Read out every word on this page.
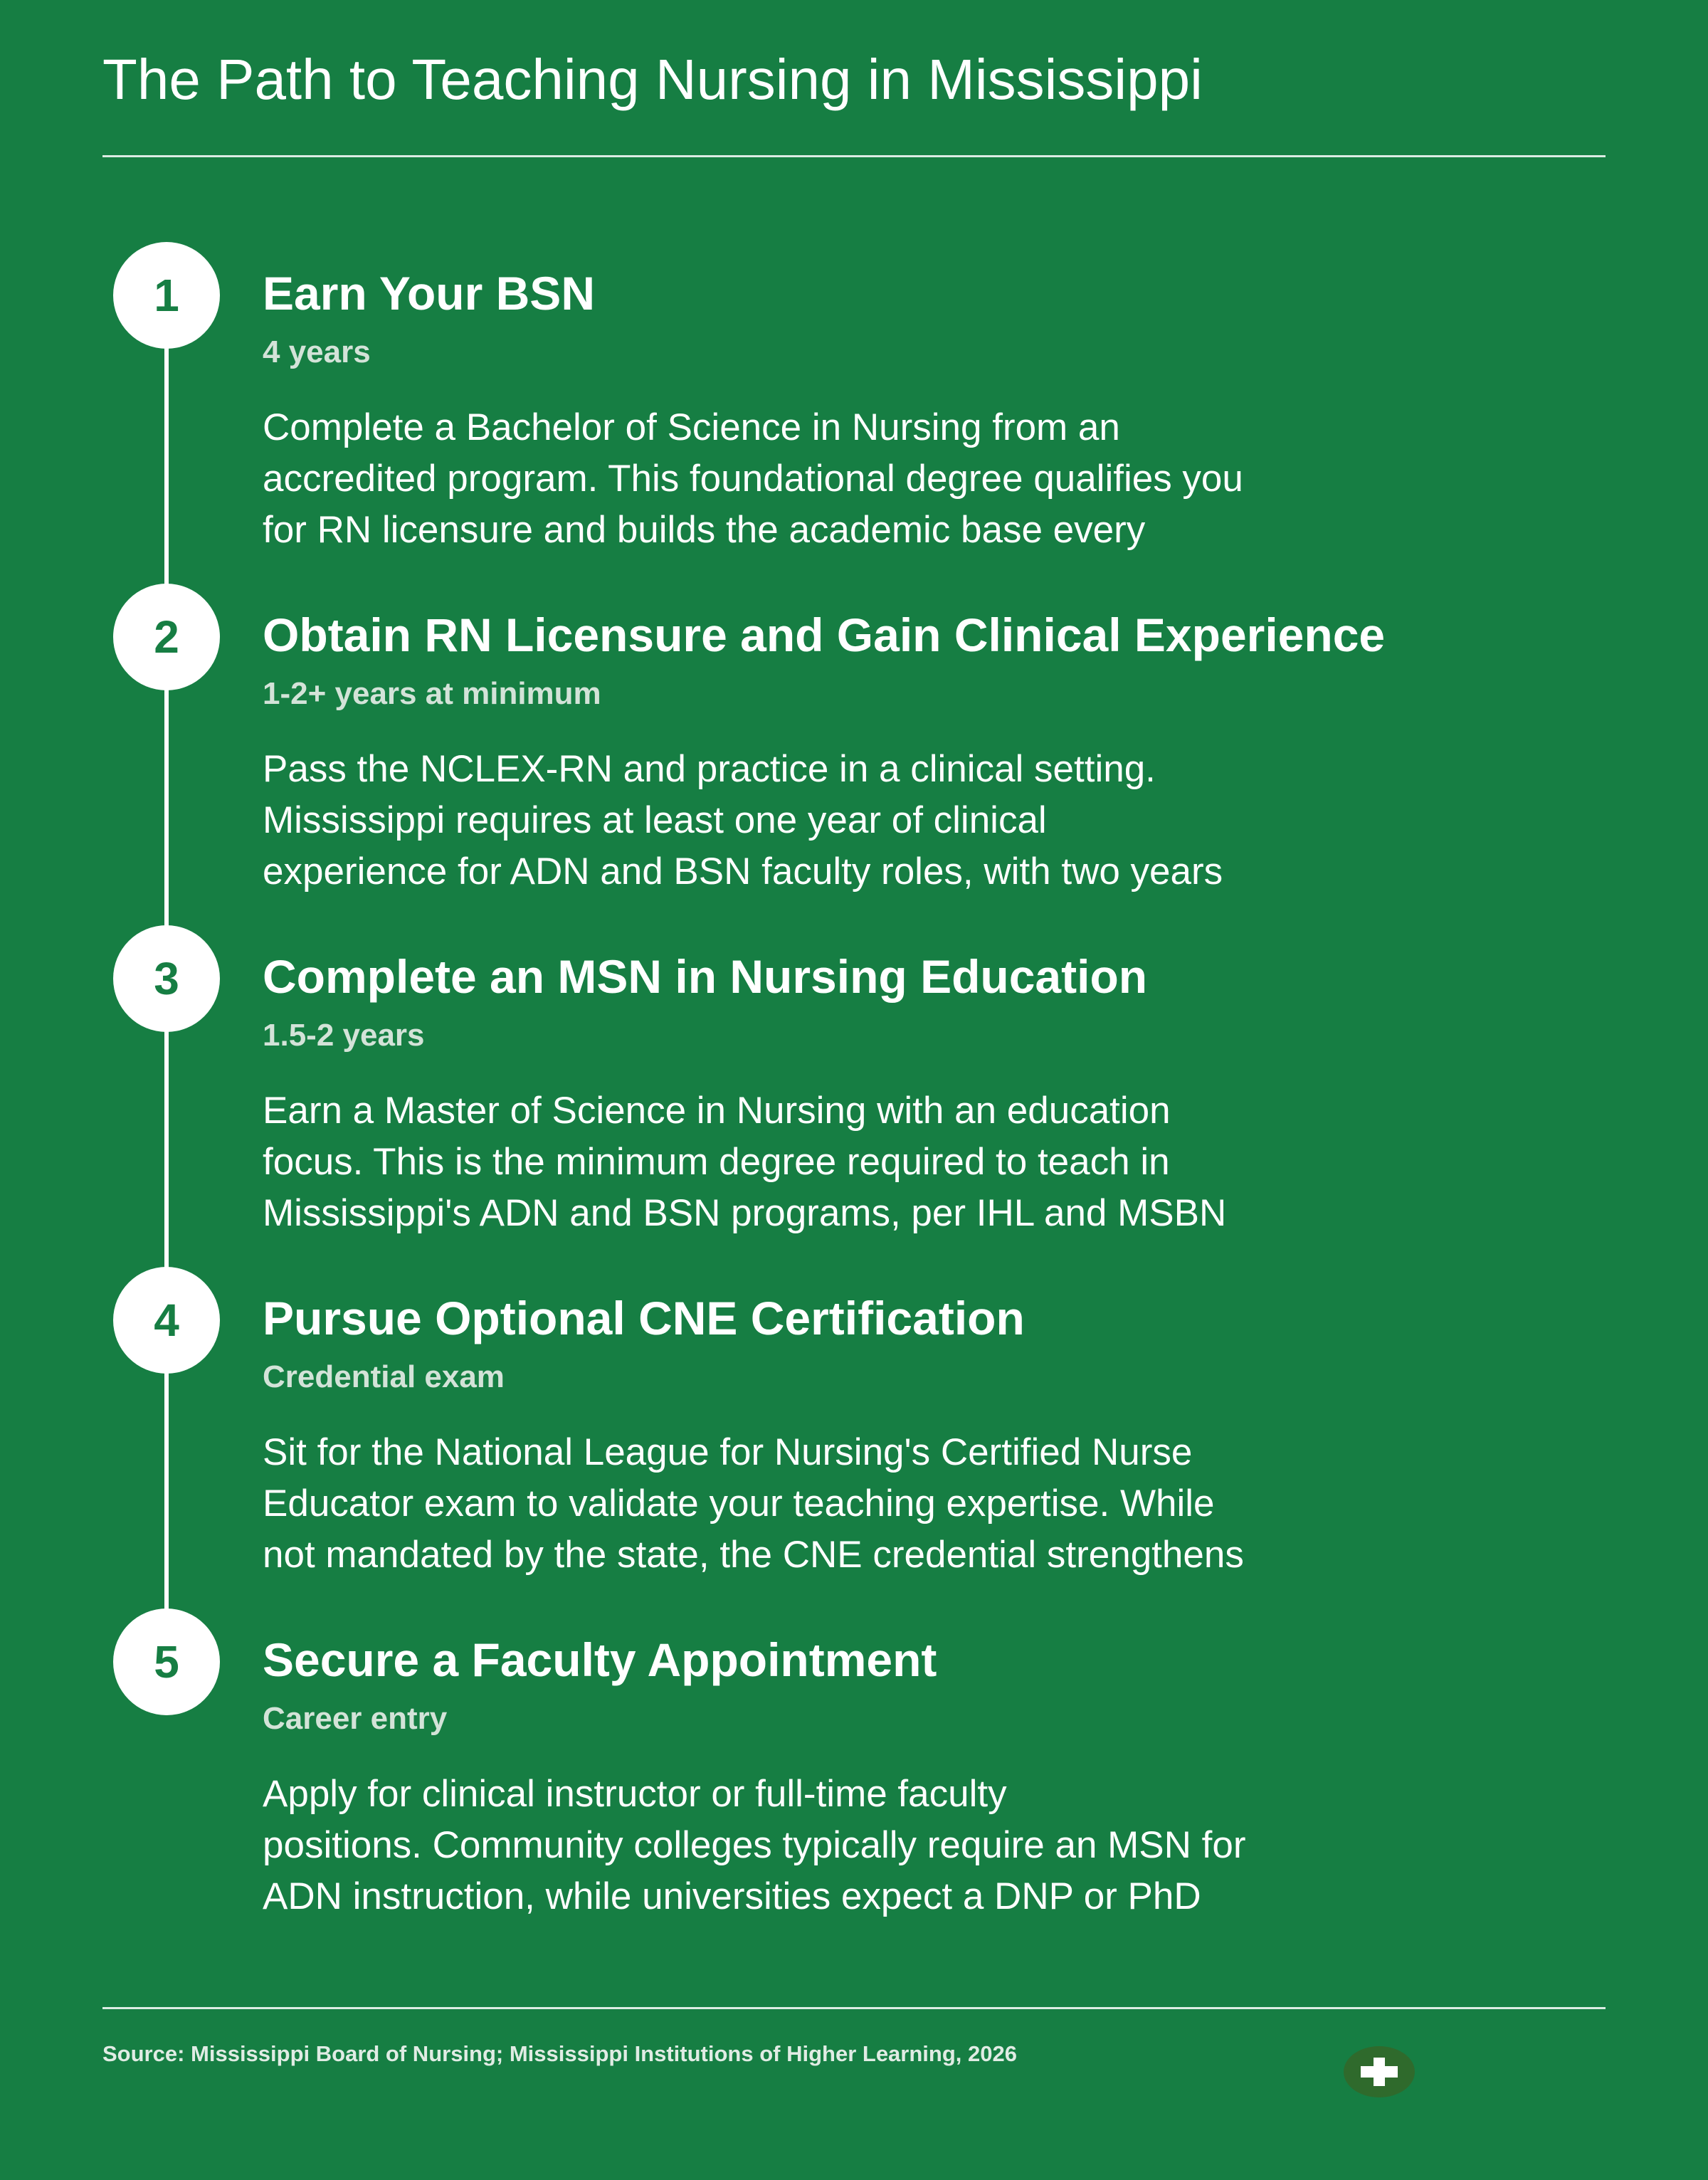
The Path to Teaching Nursing in Mississippi
1	Earn Your BSN
4 years

Complete a Bachelor of Science in Nursing from an
accredited program. This foundational degree qualifies you
for RN licensure and builds the academic base every

2	Obtain RN Licensure and Gain Clinical Experience
1-2+ years at minimum

Pass the NCLEX-RN and practice in a clinical setting.
Mississippi requires at least one year of clinical
experience for ADN and BSN faculty roles, with two years

3	Complete an MSN in Nursing Education
1.5-2 years

Earn a Master of Science in Nursing with an education
focus. This is the minimum degree required to teach in
Mississippi's ADN and BSN programs, per IHL and MSBN

4	Pursue Optional CNE Certification
Credential exam

Sit for the National League for Nursing's Certified Nurse
Educator exam to validate your teaching expertise. While
not mandated by the state, the CNE credential strengthens

5	Secure a Faculty Appointment
Career entry

Apply for clinical instructor or full-time faculty
positions. Community colleges typically require an MSN for
ADN instruction, while universities expect a DNP or PhD

Source: Mississippi Board of Nursing; Mississippi Institutions of Higher Learning, 2026
